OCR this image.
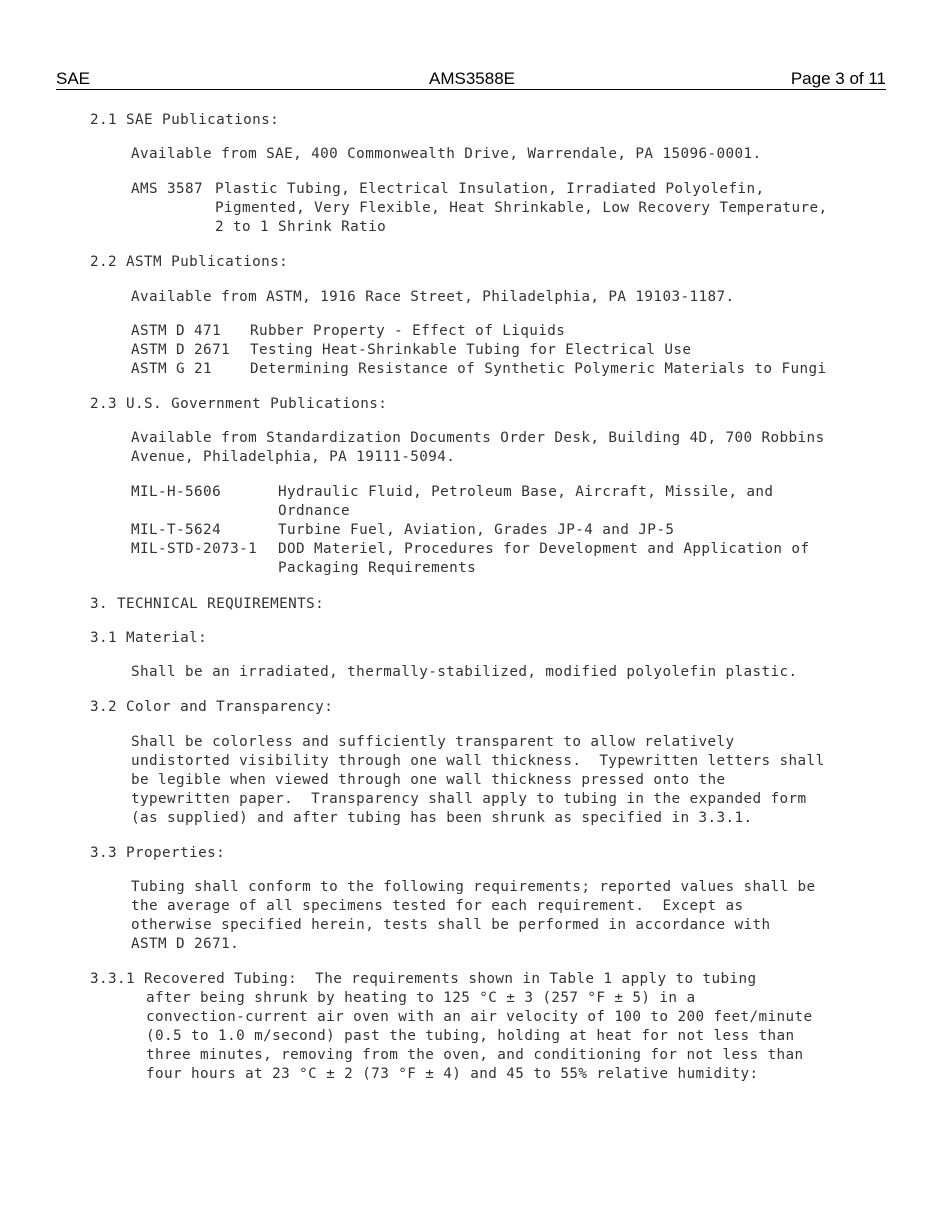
SAE	AMS3588E	Page 3 of 11
2.1 SAE Publications:
Available from SAE, 400 Commonwealth Drive, Warrendale, PA 15096-0001.
AMS 3587 Plastic Tubing, Electrical Insulation, Irradiated Polyolefin,
Pigmented, Very Flexible, Heat Shrinkable, Low Recovery Temperature,
2 to 1 Shrink Ratio
2.2 ASTM Publications:
Available from ASTM, 1916 Race Street, Philadelphia, PA 19103-1187.
ASTM D 471 Rubber Property - Effect of Liquids
ASTM D 2671 Testing Heat-Shrinkable Tubing for Electrical Use
ASTM G 21	Determining Resistance of Synthetic Polymeric Materials to Fungi
2.3 U.S. Government Publications:
Available from Standardization Documents Order Desk, Building 4D, 700 Robbins
Avenue, Philadelphia, PA 19111-5094.
MIL-H-5606	Hydraulic Fluid, Petroleum Base, Aircraft, Missile, and
Ordnance
MIL-T-5624	Turbine Fuel, Aviation, Grades JP-4 and JP-5
MIL-STD-2073-1 DOD Materiel, Procedures for Development and Application of
Packaging Requirements
3. TECHNICAL REQUIREMENTS:
3.1 Material:
Shall be an irradiated, thermally-stabilized, modified polyolefin plastic.
3.2 Color and Transparency:
Shall be colorless and sufficiently transparent to allow relatively
undistorted visibility through one wall thickness.  Typewritten letters shall
be legible when viewed through one wall thickness pressed onto the
typewritten paper.  Transparency shall apply to tubing in the expanded form
(as supplied) and after tubing has been shrunk as specified in 3.3.1.
3.3 Properties:
Tubing shall conform to the following requirements; reported values shall be
the average of all specimens tested for each requirement.  Except as
otherwise specified herein, tests shall be performed in accordance with
ASTM D 2671.
3.3.1 Recovered Tubing:  The requirements shown in Table 1 apply to tubing
after being shrunk by heating to 125 °C ± 3 (257 °F ± 5) in a
convection-current air oven with an air velocity of 100 to 200 feet/minute
(0.5 to 1.0 m/second) past the tubing, holding at heat for not less than
three minutes, removing from the oven, and conditioning for not less than
four hours at 23 °C ± 2 (73 °F ± 4) and 45 to 55% relative humidity:
